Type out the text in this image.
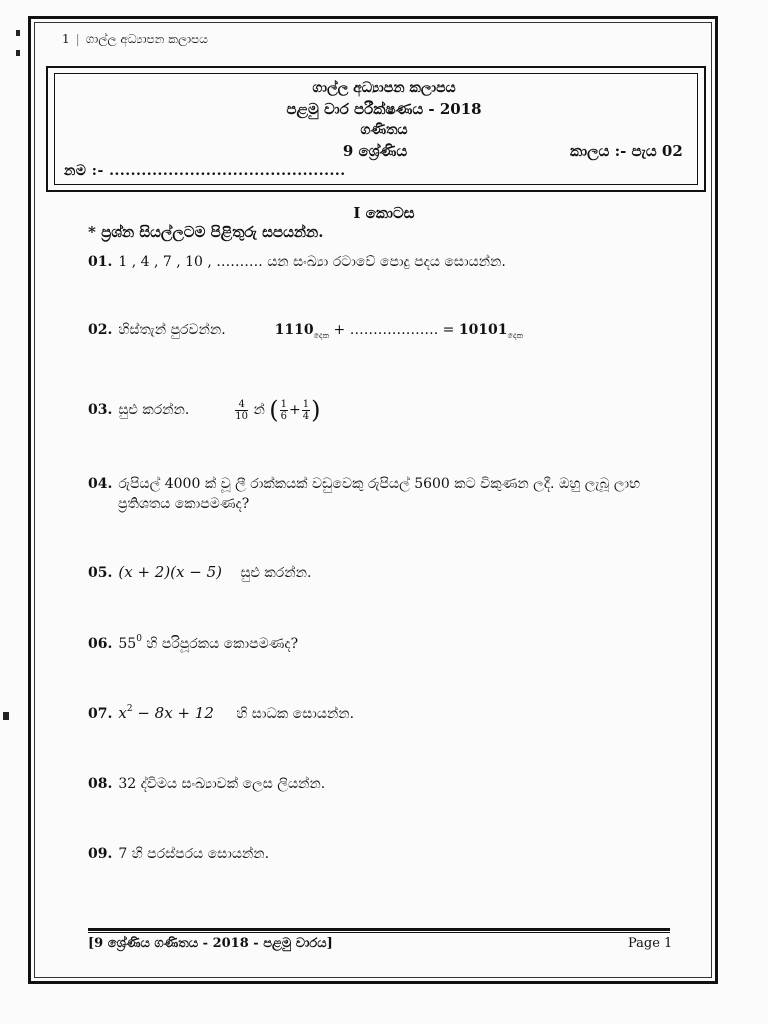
1 | ගාල්ල අධ්‍යාපන කලාපය
ගාල්ල අධ්‍යාපන කලාපය
පළමු වාර පරීක්ෂණය - 2018
ගණිතය
9 ශ්‍රේණිය	කාලය :- පැය 02
නම :- ............................................
I කොටස
* ප්‍රශ්න සියල්ලටම පිළිතුරු සපයන්න.
01. 1 , 4 , 7 , 10 , ………. යන සංඛ්‍යා රටාවේ පොදු පදය සොයන්න.
02. හිස්තැන් පුරවන්න.	$1110_{දෙක}$ + ………………. = $10101_{දෙක}$
03. සුළු කරන්න.	$\frac{4}{10}$ න් ( $\frac{1}{6} + \frac{1}{4}$ )
04. රුපියල් 4000 ක් වූ ලී රාක්කයක් වඩුවෙකු රුපියල් 5600 කට විකුණන ලදී. ඔහු ලැබූ ලාභ
ප්‍රතිශතය කොපමණද?
05. (x + 2)(x − 5) සුළු කරන්න.
06. $55^0$ හි පරිපූරකය කොපමණද?
07. $x^2 - 8x + 12$ හි සාධක සොයන්න.
08. 32 ද්විමය සංඛ්‍යාවක් ලෙස ලියන්න.
09. 7 හි පරස්පරය සොයන්න.
[9 ශ්‍රේණිය ගණිතය - 2018 - පළමු වාරය]	Page 1
